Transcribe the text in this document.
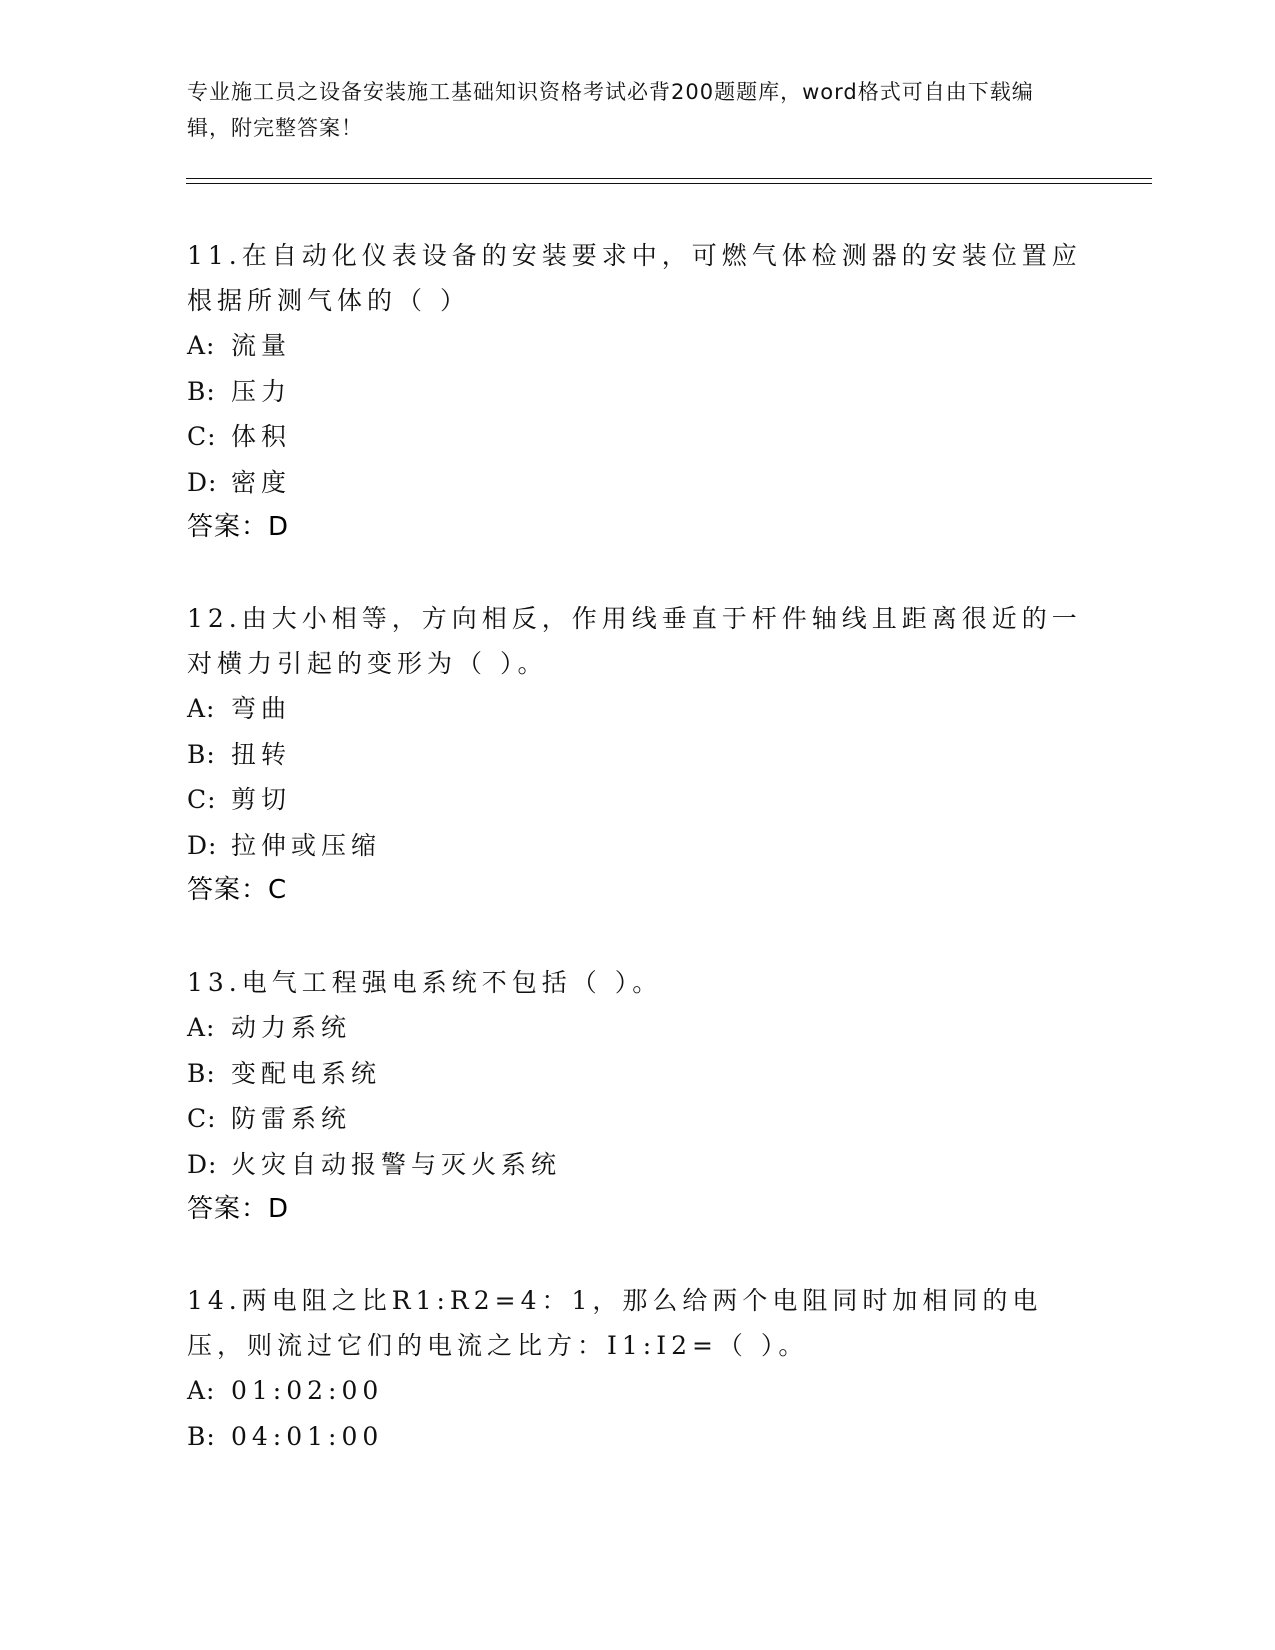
专业施工员之设备安装施工基础知识资格考试必背200题题库，word格式可自由下载编辑，附完整答案！
11.在自动化仪表设备的安装要求中，可燃气体检测器的安装位置应根据所测气体的（ ）
A: 流量
B: 压力
C: 体积
D: 密度
答案：D
12.由大小相等，方向相反，作用线垂直于杆件轴线且距离很近的一对横力引起的变形为（ ）。
A: 弯曲
B: 扭转
C: 剪切
D: 拉伸或压缩
答案：C
13.电气工程强电系统不包括（ ）。
A: 动力系统
B: 变配电系统
C: 防雷系统
D: 火灾自动报警与灭火系统
答案：D
14.两电阻之比R1:R2=4：1，那么给两个电阻同时加相同的电压，则流过它们的电流之比方：I1:I2=（ ）。
A: 01:02:00
B: 04:01:00
